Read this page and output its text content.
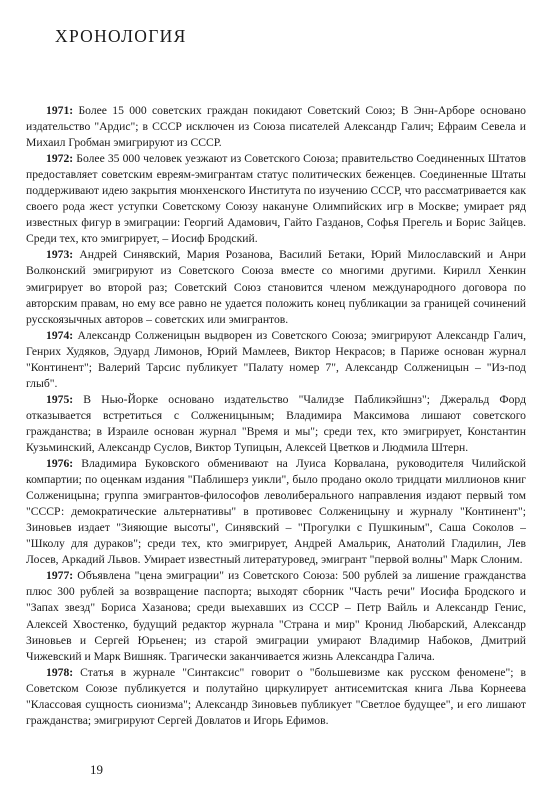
ХРОНОЛОГИЯ

1971: Более 15 000 советских граждан покидают Советский Союз; В Энн-Арборе основано издательство "Ардис"; в СССР исключен из Союза писателей Александр Галич; Ефраим Севела и Михаил Гробман эмигрируют из СССР.

1972: Более 35 000 человек уезжают из Советского Союза; правительство Соединенных Штатов предоставляет советским евреям-эмигрантам статус политических беженцев. Соединенные Штаты поддерживают идею закрытия мюнхенского Института по изучению СССР, что рассматривается как своего рода жест уступки Советскому Союзу накануне Олимпийских игр в Москве; умирает ряд известных фигур в эмиграции: Георгий Адамович, Гайто Газданов, Софья Прегель и Борис Зайцев. Среди тех, кто эмигрирует, – Иосиф Бродский.

1973: Андрей Синявский, Мария Розанова, Василий Бетаки, Юрий Милославский и Анри Волконский эмигрируют из Советского Союза вместе со многими другими. Кирилл Хенкин эмигрирует во второй раз; Советский Союз становится членом международного договора по авторским правам, но ему все равно не удается положить конец публикации за границей сочинений русскоязычных авторов – советских или эмигрантов.

1974: Александр Солженицын выдворен из Советского Союза; эмигрируют Александр Галич, Генрих Худяков, Эдуард Лимонов, Юрий Мамлеев, Виктор Некрасов; в Париже основан журнал "Континент"; Валерий Тарсис публикует "Палату номер 7", Александр Солженицын – "Из-под глыб".

1975: В Нью-Йорке основано издательство "Чалидзе Пабликэйшнз"; Джеральд Форд отказывается встретиться с Солженицыным; Владимира Максимова лишают советского гражданства; в Израиле основан журнал "Время и мы"; среди тех, кто эмигрирует, Константин Кузьминский, Александр Суслов, Виктор Тупицын, Алексей Цветков и Людмила Штерн.

1976: Владимира Буковского обменивают на Луиса Корвалана, руководителя Чилийской компартии; по оценкам издания "Паблишерз уикли", было продано около тридцати миллионов книг Солженицына; группа эмигрантов-философов леволиберального направления издают первый том "СССР: демократические альтернативы" в противовес Солженицыну и журналу "Континент"; Зиновьев издает "Зияющие высоты", Синявский – "Прогулки с Пушкиным", Саша Соколов – "Школу для дураков"; среди тех, кто эмигрирует, Андрей Амальрик, Анатолий Гладилин, Лев Лосев, Аркадий Львов. Умирает известный литературовед, эмигрант "первой волны" Марк Слоним.

1977: Объявлена "цена эмиграции" из Советского Союза: 500 рублей за лишение гражданства плюс 300 рублей за возвращение паспорта; выходят сборник "Часть речи" Иосифа Бродского и "Запах звезд" Бориса Хазанова; среди выехавших из СССР – Петр Вайль и Александр Генис, Алексей Хвостенко, будущий редактор журнала "Страна и мир" Кронид Любарский, Александр Зиновьев и Сергей Юрьенен; из старой эмиграции умирают Владимир Набоков, Дмитрий Чижевский и Марк Вишняк. Трагически заканчивается жизнь Александра Галича.

1978: Статья в журнале "Синтаксис" говорит о "большевизме как русском феномене"; в Советском Союзе публикуется и полутайно циркулирует антисемитская книга Льва Корнеева "Классовая сущность сионизма"; Александр Зиновьев публикует "Светлое будущее", и его лишают гражданства; эмигрируют Сергей Довлатов и Игорь Ефимов.

19
